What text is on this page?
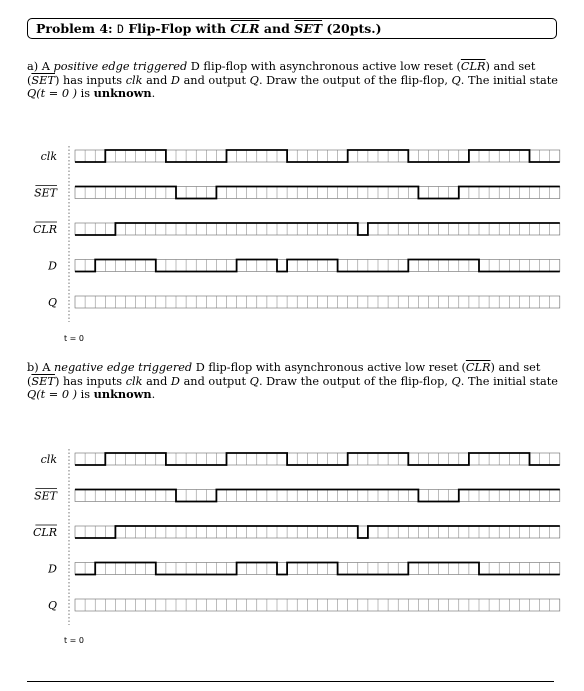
Problem 4: D Flip-Flop with $\overline{CLR}$ and $\overline{SET}$ (20pts.)
a) A positive edge triggered D flip-flop with asynchronous active low reset $(\overline{CLR})$ and set $(\overline{SET})$ has inputs clk and D and output Q. Draw the output of the flip-flop, Q. The initial state Q(t = 0 ) is unknown.
clk
SET
CLR
D
Q
t = 0
b) A negative edge triggered D flip-flop with asynchronous active low reset $(\overline{CLR})$ and set $(\overline{SET})$ has inputs clk and D and output Q. Draw the output of the flip-flop, Q. The initial state Q(t = 0 ) is unknown.
clk
SET
CLR
D
Q
t = 0
